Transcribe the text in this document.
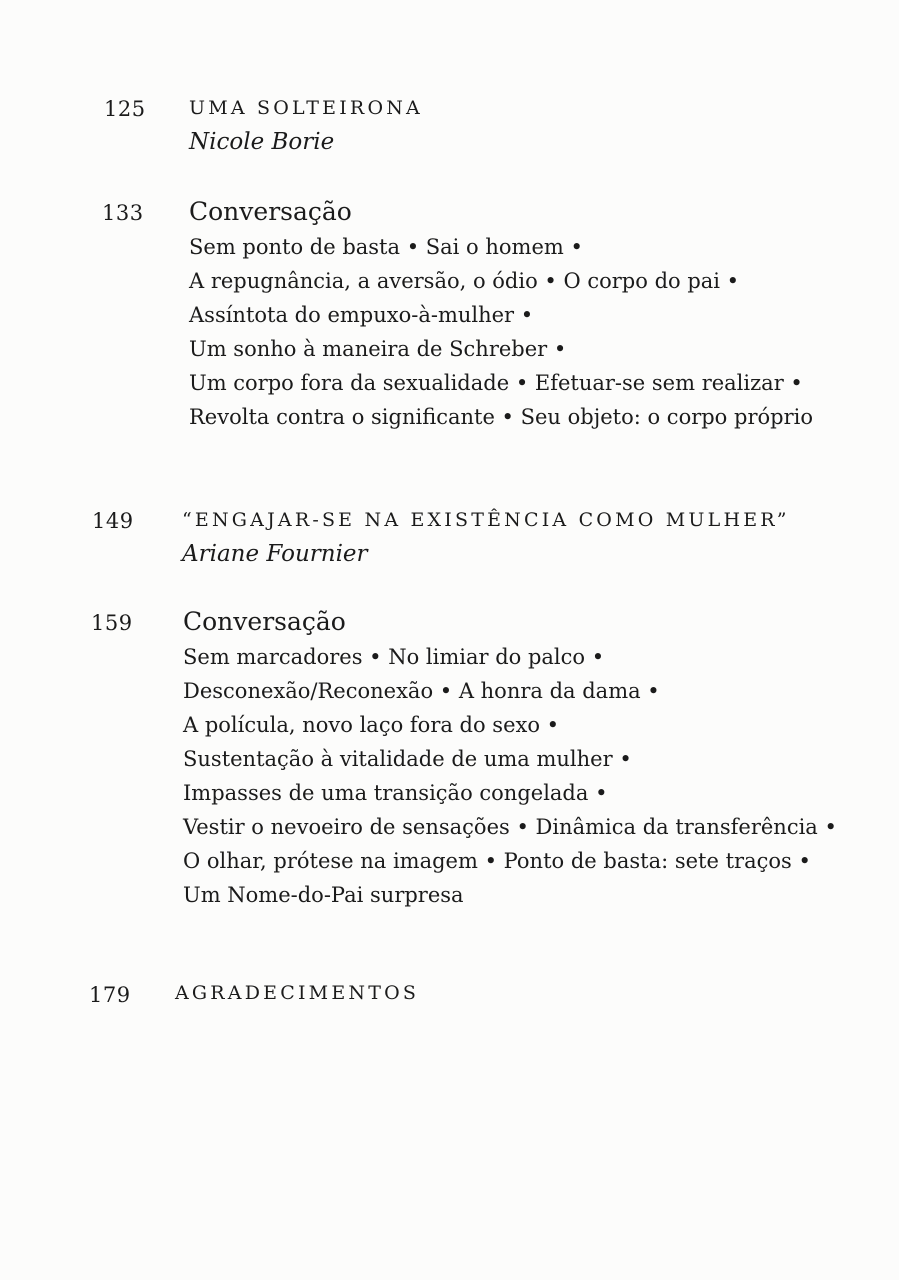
125 UMA SOLTEIRONA
Nicole Borie
133 Conversação
Sem ponto de basta • Sai o homem •
A repugnância, a aversão, o ódio • O corpo do pai •
Assíntota do empuxo-à-mulher •
Um sonho à maneira de Schreber •
Um corpo fora da sexualidade • Efetuar-se sem realizar •
Revolta contra o significante • Seu objeto: o corpo próprio
149	“ENGAJAR-SE NA EXISTÊNCIA COMO MULHER”
Ariane Fournier
159 Conversação
Sem marcadores • No limiar do palco •
Desconexão/Reconexão • A honra da dama •
A polícula, novo laço fora do sexo •
Sustentação à vitalidade de uma mulher •
Impasses de uma transição congelada •
Vestir o nevoeiro de sensações • Dinâmica da transferência •
O olhar, prótese na imagem • Ponto de basta: sete traços •
Um Nome-do-Pai surpresa
179 AGRADECIMENTOS
